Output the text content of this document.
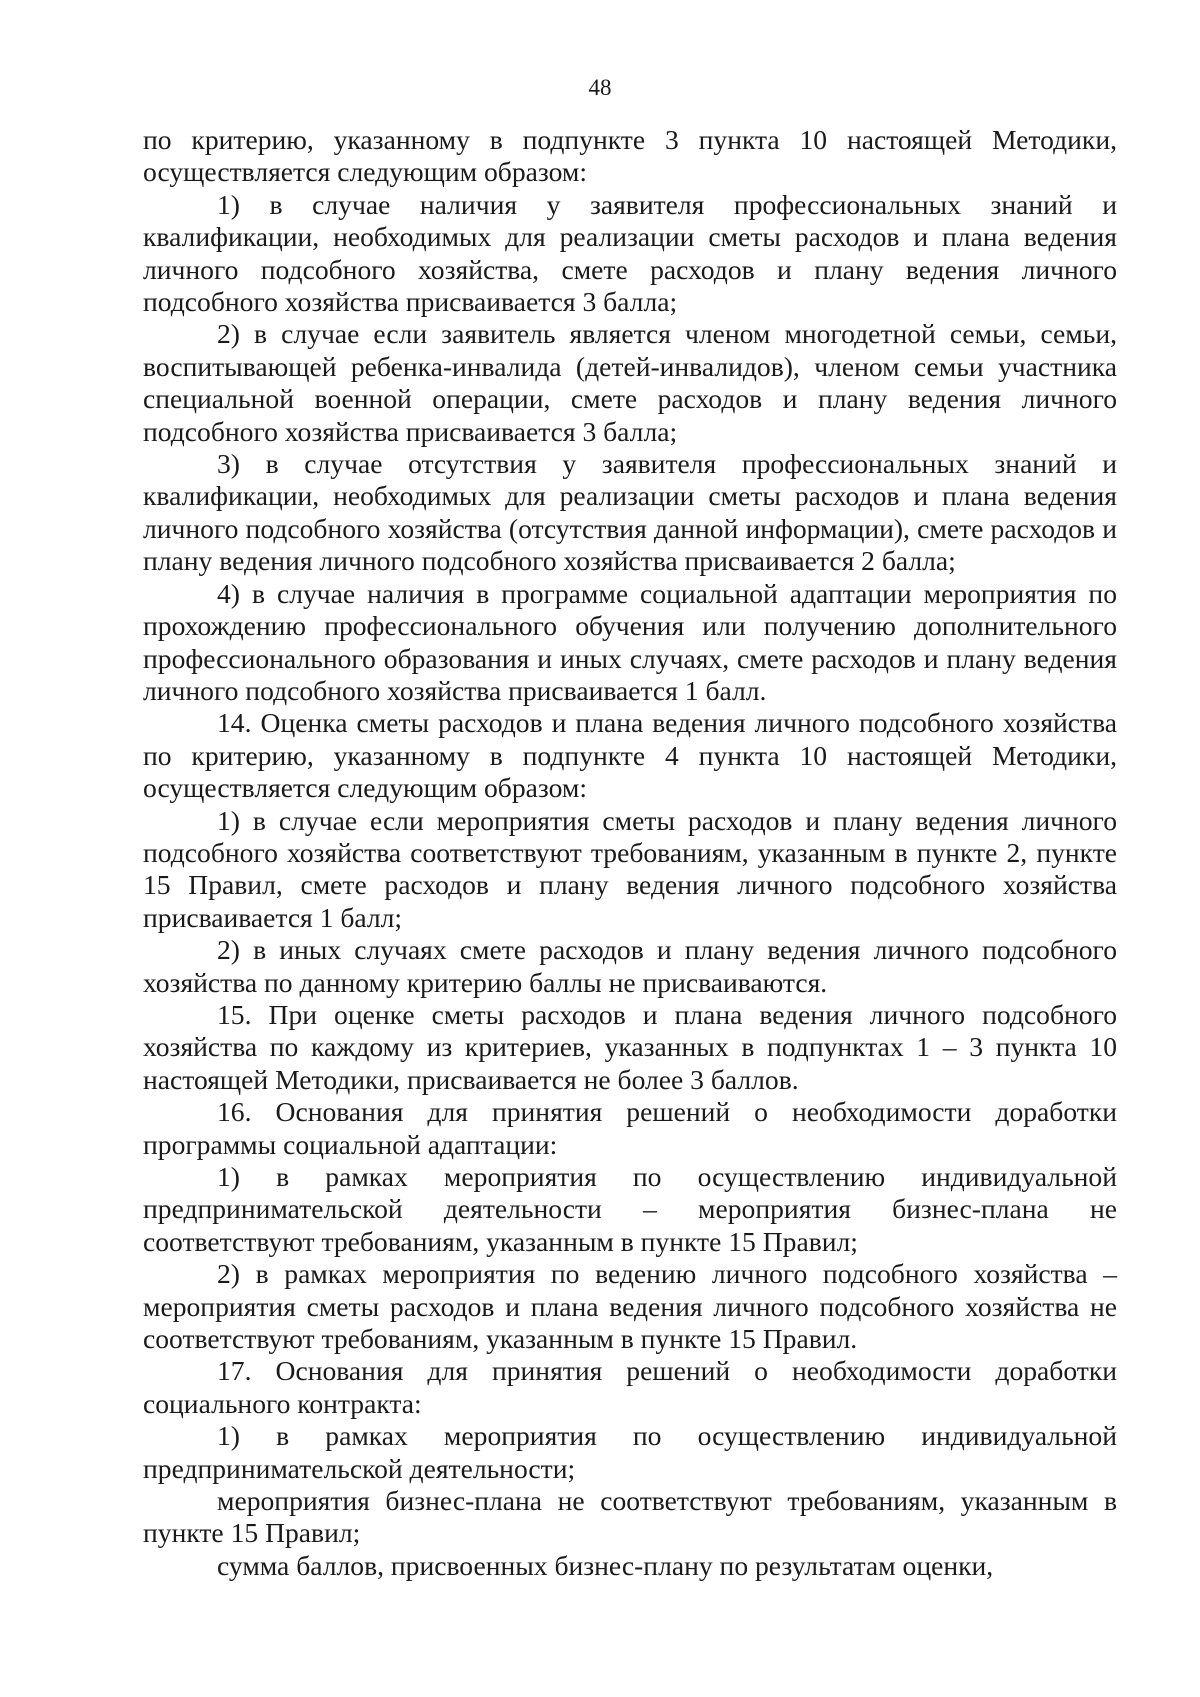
48

по критерию, указанному в подпункте 3 пункта 10 настоящей Методики, осуществляется следующим образом:

1) в случае наличия у заявителя профессиональных знаний и квалификации, необходимых для реализации сметы расходов и плана ведения личного подсобного хозяйства, смете расходов и плану ведения личного подсобного хозяйства присваивается 3 балла;

2) в случае если заявитель является членом многодетной семьи, семьи, воспитывающей ребенка-инвалида (детей-инвалидов), членом семьи участника специальной военной операции, смете расходов и плану ведения личного подсобного хозяйства присваивается 3 балла;

3) в случае отсутствия у заявителя профессиональных знаний и квалификации, необходимых для реализации сметы расходов и плана ведения личного подсобного хозяйства (отсутствия данной информации), смете расходов и плану ведения личного подсобного хозяйства присваивается 2 балла;

4) в случае наличия в программе социальной адаптации мероприятия по прохождению профессионального обучения или получению дополнительного профессионального образования и иных случаях, смете расходов и плану ведения личного подсобного хозяйства присваивается 1 балл.

14. Оценка сметы расходов и плана ведения личного подсобного хозяйства по критерию, указанному в подпункте 4 пункта 10 настоящей Методики, осуществляется следующим образом:

1) в случае если мероприятия сметы расходов и плану ведения личного подсобного хозяйства соответствуют требованиям, указанным в пункте 2, пункте 15 Правил, смете расходов и плану ведения личного подсобного хозяйства присваивается 1 балл;

2) в иных случаях смете расходов и плану ведения личного подсобного хозяйства по данному критерию баллы не присваиваются.

15. При оценке сметы расходов и плана ведения личного подсобного хозяйства по каждому из критериев, указанных в подпунктах 1 – 3 пункта 10 настоящей Методики, присваивается не более 3 баллов.

16. Основания для принятия решений о необходимости доработки программы социальной адаптации:

1) в рамках мероприятия по осуществлению индивидуальной предпринимательской деятельности – мероприятия бизнес-плана не соответствуют требованиям, указанным в пункте 15 Правил;

2) в рамках мероприятия по ведению личного подсобного хозяйства – мероприятия сметы расходов и плана ведения личного подсобного хозяйства не соответствуют требованиям, указанным в пункте 15 Правил.

17. Основания для принятия решений о необходимости доработки социального контракта:

1) в рамках мероприятия по осуществлению индивидуальной предпринимательской деятельности;

мероприятия бизнес-плана не соответствуют требованиям, указанным в пункте 15 Правил;

сумма баллов, присвоенных бизнес-плану по результатам оценки,
